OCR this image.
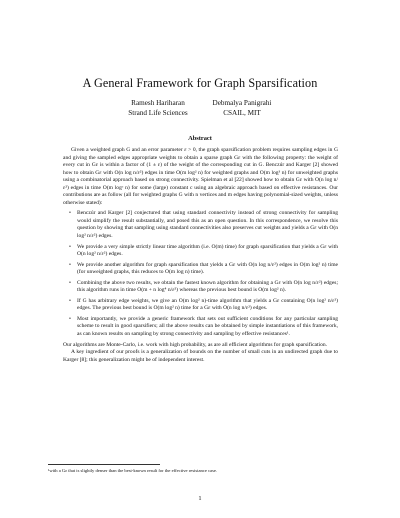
A General Framework for Graph Sparsification
Ramesh Hariharan
Strand Life Sciences
Debmalya Panigrahi
CSAIL, MIT
Abstract

Given a weighted graph G and an error parameter ε > 0, the graph sparsification problem requires sampling edges in G and giving the sampled edges appropriate weights to obtain a sparse graph Gε with the following property: the weight of every cut in Gε is within a factor of (1 ± ε) of the weight of the corresponding cut in G. Benczúr and Karger [2] showed how to obtain Gε with O(n log n/ε²) edges in time O(m log² n) for weighted graphs and O(m log³ n) for unweighted graphs using a combinatorial approach based on strong connectivity. Spielman et al [22] showed how to obtain Gε with O(n log n/ε²) edges in time O(m logᶜ n) for some (large) constant c using an algebraic approach based on effective resistances. Our contributions are as follow (all for weighted graphs G with n vertices and m edges having polynomial-sized weights, unless otherwise stated):

• Benczúr and Karger [2] conjectured that using standard connectivity instead of strong connectivity for sampling would simplify the result substantially, and posed this as an open question. In this correspondence, we resolve this question by showing that sampling using standard connectivities also preserves cut weights and yields a Gε with O(n log² n/ε²) edges.
• We provide a very simple strictly linear time algorithm (i.e. O(m) time) for graph sparsification that yields a Gε with O(n log² n/ε²) edges.
• We provide another algorithm for graph sparsification that yields a Gε with O(n log n/ε²) edges in O(m log² n) time (for unweighted graphs, this reduces to O(m log n) time).
• Combining the above two results, we obtain the fastest known algorithm for obtaining a Gε with O(n log n/ε²) edges; this algorithm runs in time O(m + n log⁴ n/ε²) whereas the previous best bound is O(m log² n).
• If G has arbitrary edge weights, we give an O(m log² n)-time algorithm that yields a Gε containing O(n log² n/ε²) edges. The previous best bound is O(m log² n) time for a Gε with O(n log n/ε²) edges.
• Most importantly, we provide a generic framework that sets out sufficient conditions for any particular sampling scheme to result in good sparsifiers; all the above results can be obtained by simple instantiations of this framework, as can known results on sampling by strong connectivity and sampling by effective resistances¹.

Our algorithms are Monte-Carlo, i.e. work with high probability, as are all efficient algorithms for graph sparsification.

A key ingredient of our proofs is a generalization of bounds on the number of small cuts in an undirected graph due to Karger [8]; this generalization might be of independent interest.

¹with a Gε that is slightly denser than the best-known result for the effective resistance case.
1
